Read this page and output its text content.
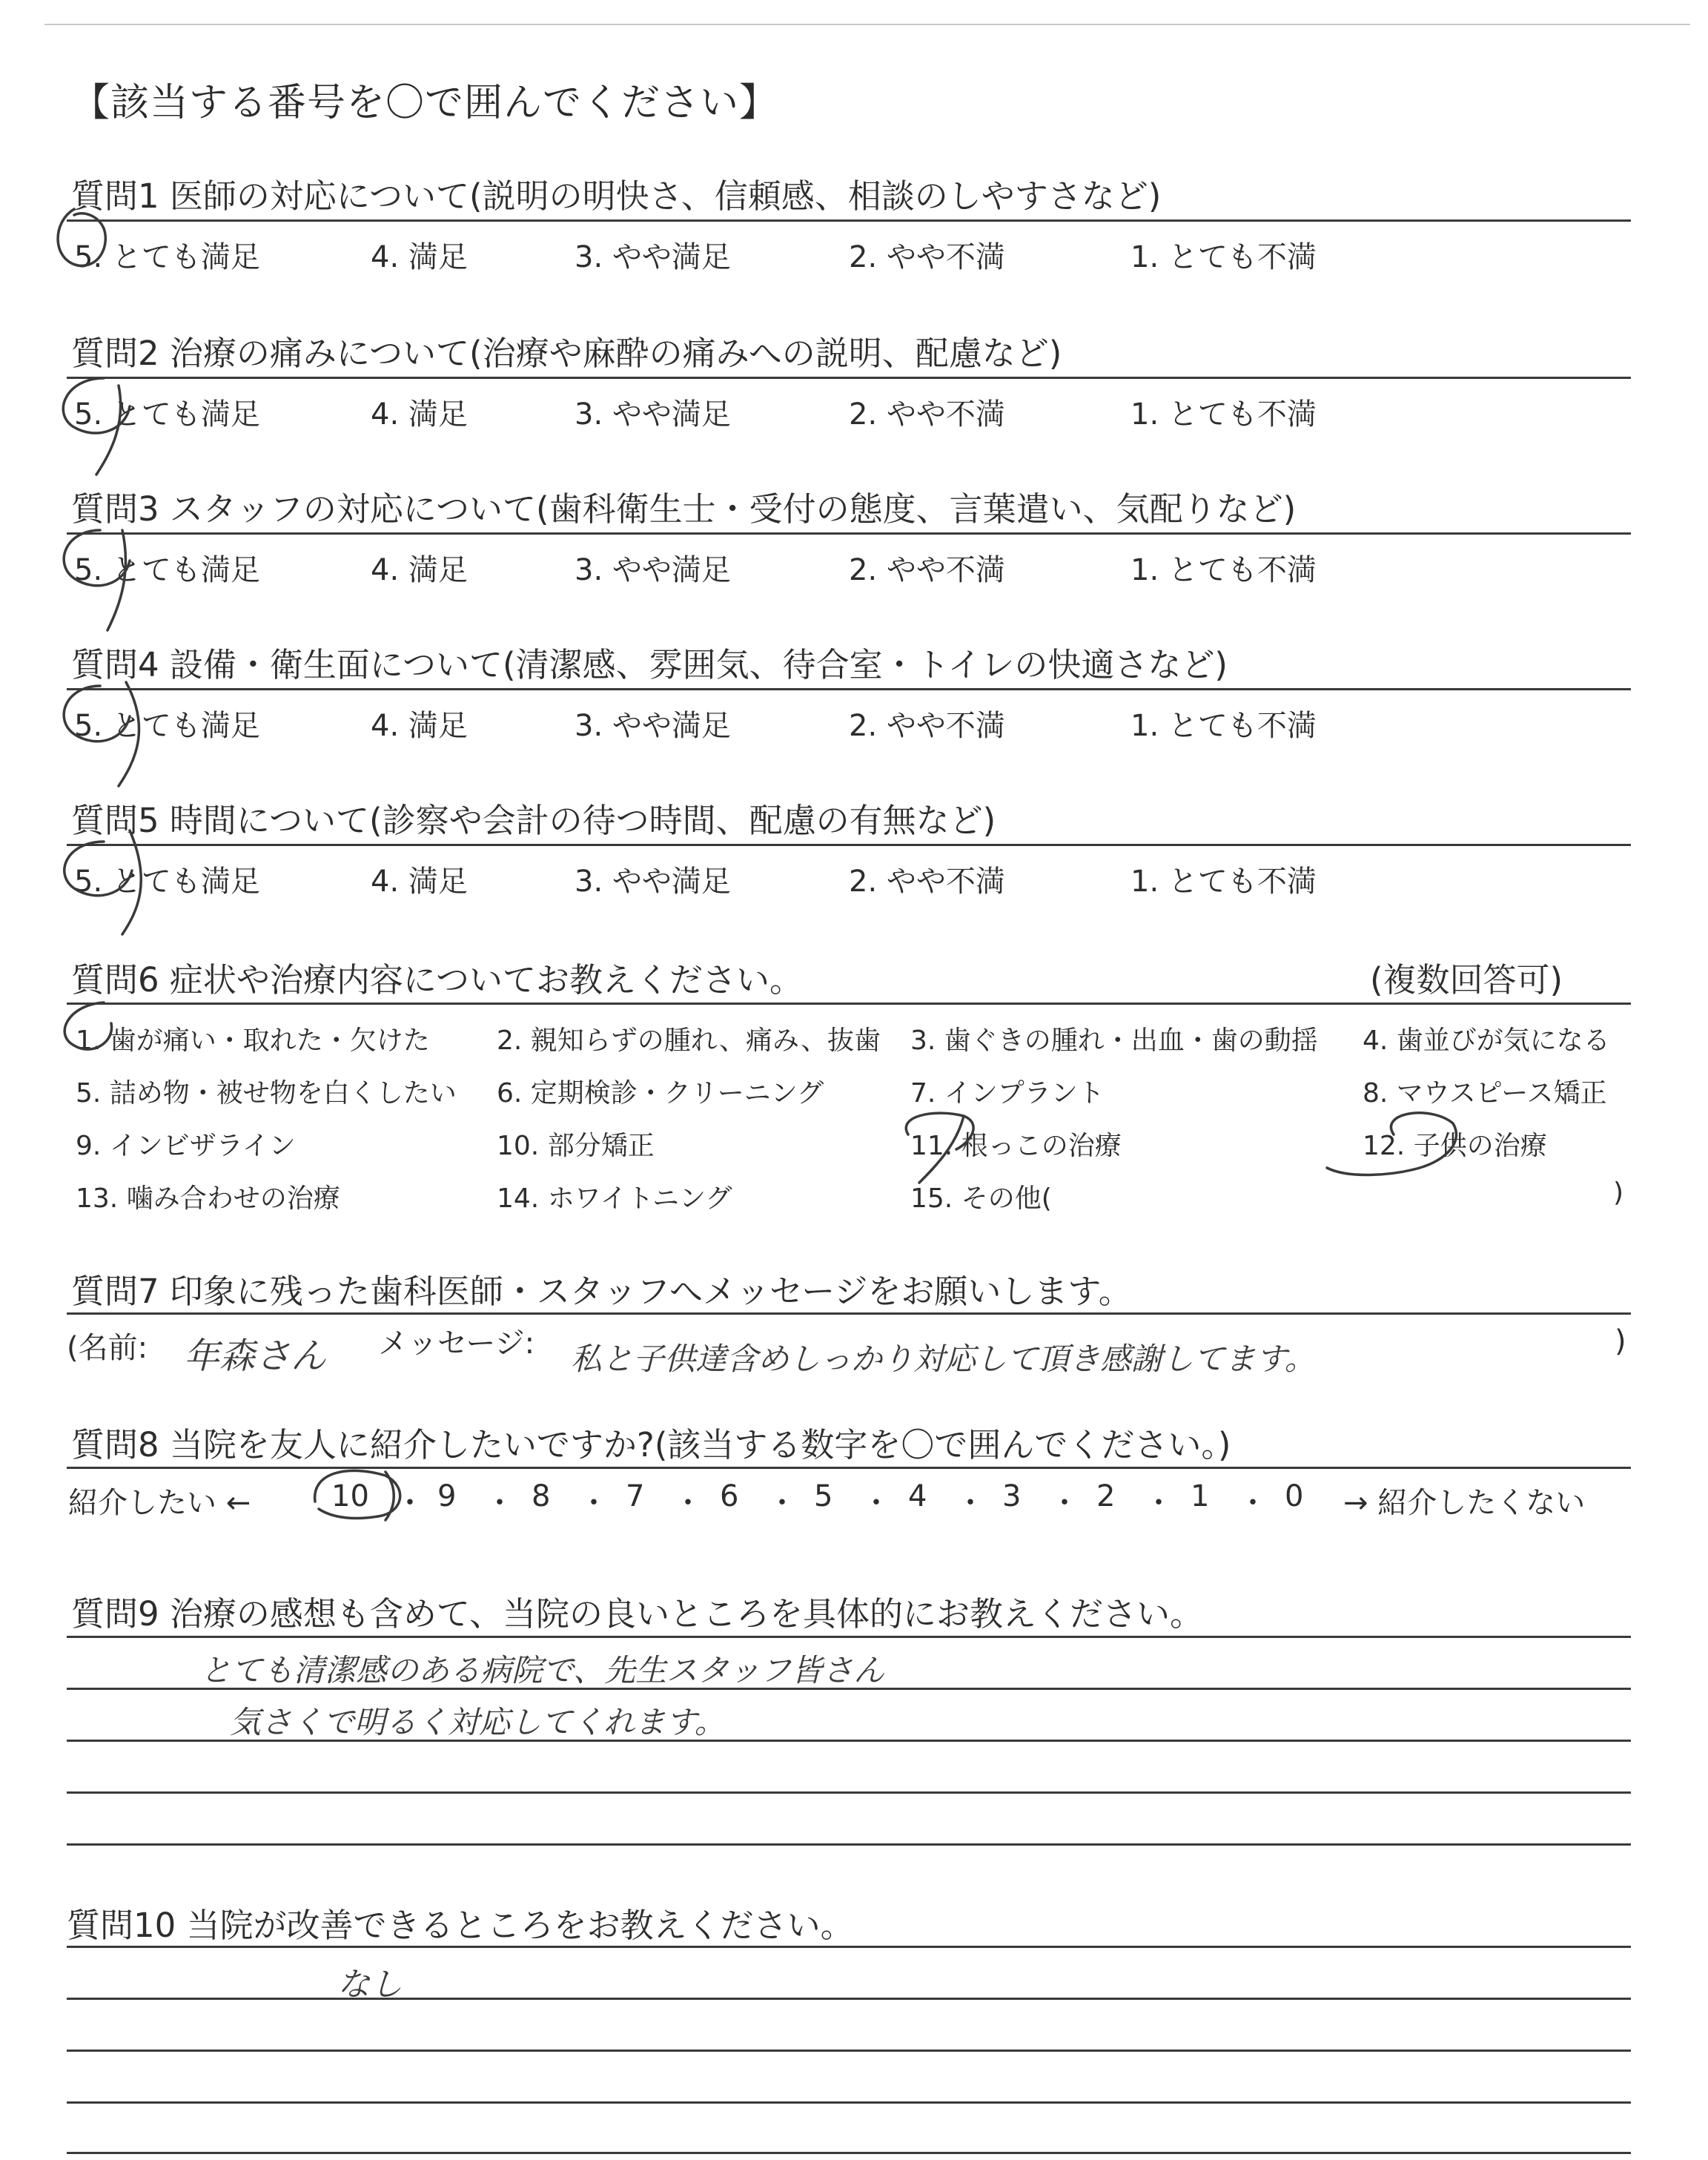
【該当する番号を〇で囲んでください】
質問1 医師の対応について(説明の明快さ、信頼感、相談のしやすさなど)
5. とても満足	4. 満足	3. やや満足	2. やや不満	1. とても不満
質問2 治療の痛みについて(治療や麻酔の痛みへの説明、配慮など)
5. とても満足	4. 満足	3. やや満足	2. やや不満	1. とても不満
質問3 スタッフの対応について(歯科衛生士・受付の態度、言葉遣い、気配りなど)
5. とても満足	4. 満足	3. やや満足	2. やや不満	1. とても不満
質問4 設備・衛生面について(清潔感、雰囲気、待合室・トイレの快適さなど)
5. とても満足	4. 満足	3. やや満足	2. やや不満	1. とても不満
質問5 時間について(診察や会計の待つ時間、配慮の有無など)
5. とても満足	4. 満足	3. やや満足	2. やや不満	1. とても不満
質問6 症状や治療内容についてお教えください。	(複数回答可)
1. 歯が痛い・取れた・欠けた	2. 親知らずの腫れ、痛み、抜歯 3. 歯ぐきの腫れ・出血・歯の動揺 4. 歯並びが気になる
5. 詰め物・被せ物を白くしたい 6. 定期検診・クリーニング	7. インプラント	8. マウスピース矯正
9. インビザライン	10. 部分矯正	11. 根っこの治療	12. 子供の治療
13. 噛み合わせの治療	14. ホワイトニング	15. その他(	)
質問7 印象に残った歯科医師・スタッフへメッセージをお願いします。
(名前: 年森さん メッセージ: 私と子供達含めしっかり対応して頂き感謝してます。	)
質問8 当院を友人に紹介したいですか?(該当する数字を〇で囲んでください。)
紹介したい ←	10 ・ 9 ・ 8 ・ 7 ・ 6 ・ 5 ・ 4 ・ 3 ・ 2 ・ 1 ・ 0 → 紹介したくない
質問9 治療の感想も含めて、当院の良いところを具体的にお教えください。
とても清潔感のある病院で、先生スタッフ皆さん
気さくで明るく対応してくれます。
質問10 当院が改善できるところをお教えください。
なし
